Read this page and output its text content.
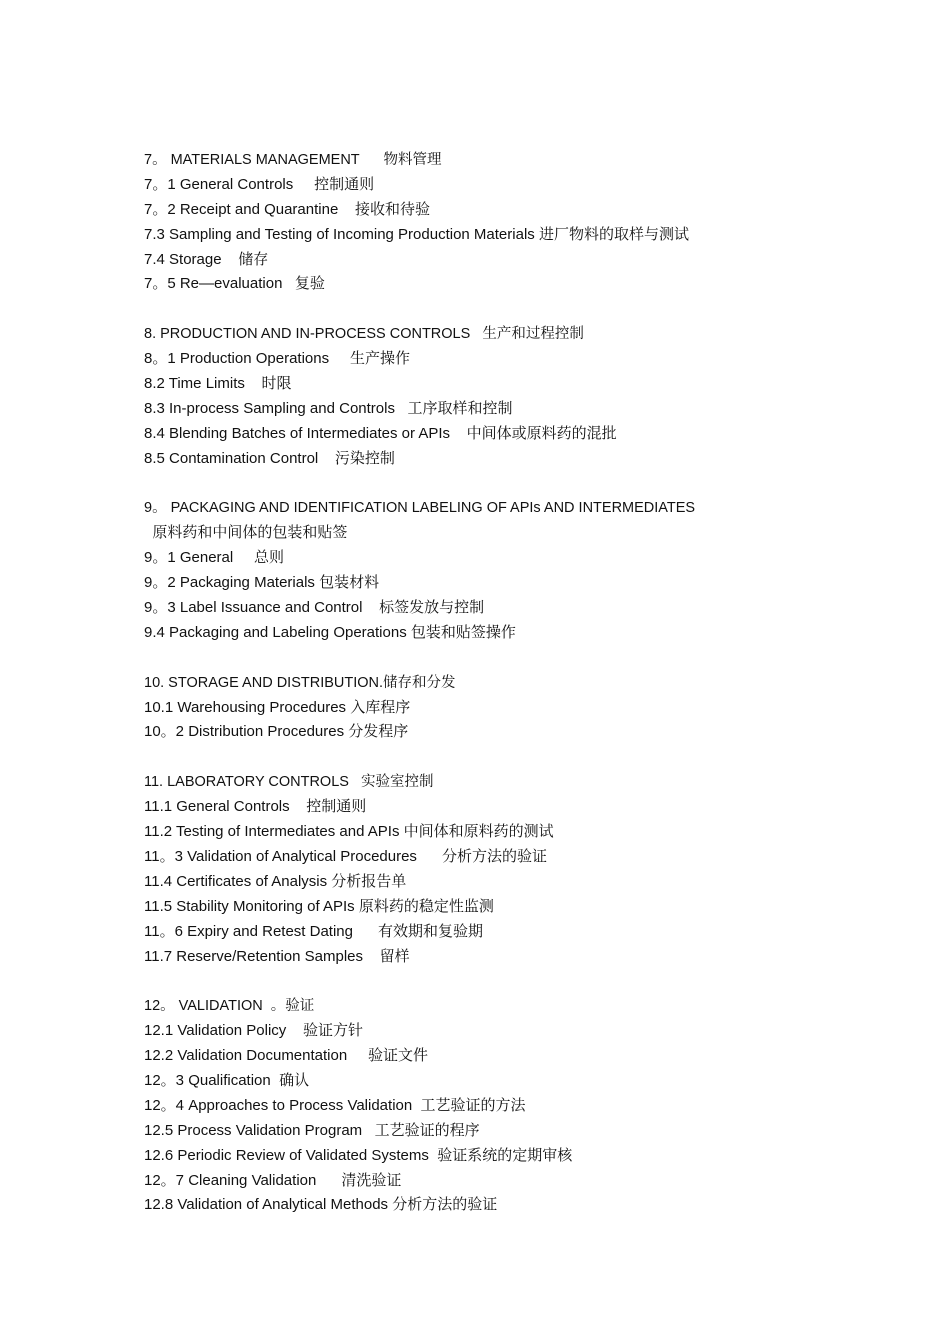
7。 MATERIALS MANAGEMENT      物料管理
7。1 General Controls     控制通则
7。2 Receipt and Quarantine    接收和待验
7.3 Sampling and Testing of Incoming Production Materials 进厂物料的取样与测试
7.4 Storage    储存
7。5 Re—evaluation   复验
8. PRODUCTION AND IN-PROCESS CONTROLS   生产和过程控制
8。1 Production Operations     生产操作
8.2 Time Limits    时限
8.3 In-process Sampling and Controls   工序取样和控制
8.4 Blending Batches of Intermediates or APIs    中间体或原料药的混批
8.5 Contamination Control    污染控制
9。 PACKAGING AND IDENTIFICATION LABELING OF APIs AND INTERMEDIATES
原料药和中间体的包装和贴签
9。1 General     总则
9。2 Packaging Materials 包装材料
9。3 Label Issuance and Control    标签发放与控制
9.4 Packaging and Labeling Operations 包装和贴签操作
10. STORAGE AND DISTRIBUTION.储存和分发
10.1 Warehousing Procedures 入库程序
10。2 Distribution Procedures 分发程序
11. LABORATORY CONTROLS   实验室控制
11.1 General Controls    控制通则
11.2 Testing of Intermediates and APIs 中间体和原料药的测试
11。3 Validation of Analytical Procedures      分析方法的验证
11.4 Certificates of Analysis 分析报告单
11.5 Stability Monitoring of APIs 原料药的稳定性监测
11。6 Expiry and Retest Dating      有效期和复验期
11.7 Reserve/Retention Samples    留样
12。 VALIDATION  。验证
12.1 Validation Policy    验证方针
12.2 Validation Documentation     验证文件
12。3 Qualification  确认
12。4 Approaches to Process Validation  工艺验证的方法
12.5 Process Validation Program   工艺验证的程序
12.6 Periodic Review of Validated Systems  验证系统的定期审核
12。7 Cleaning Validation      清洗验证
12.8 Validation of Analytical Methods 分析方法的验证
